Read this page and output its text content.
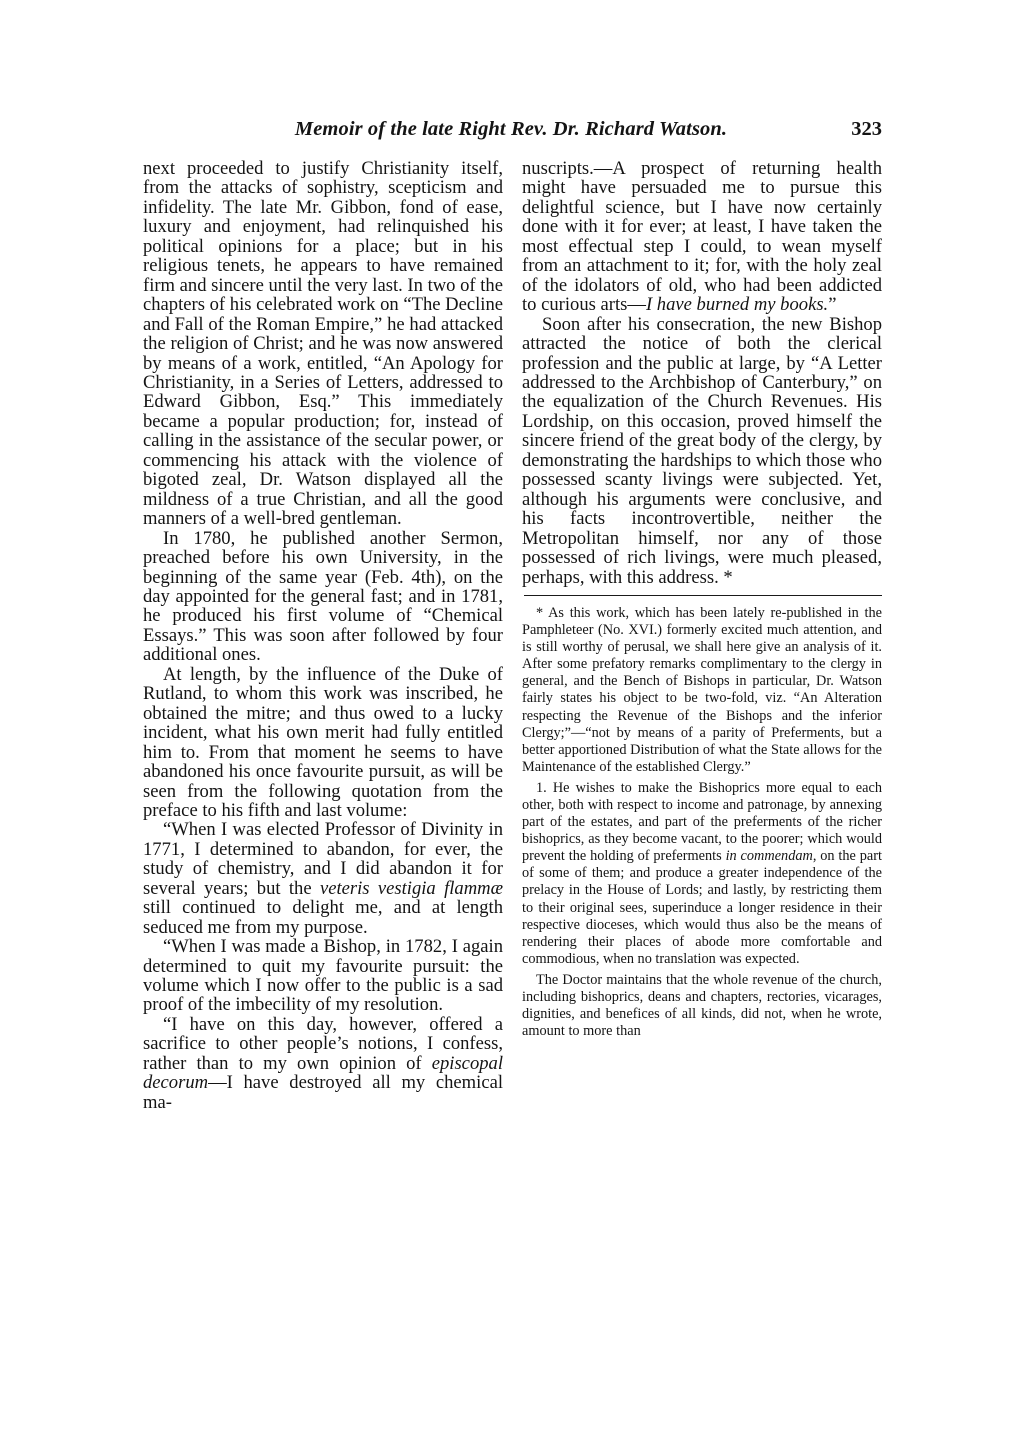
Memoir of the late Right Rev. Dr. Richard Watson.	323

next proceeded to justify Christianity itself, from the attacks of sophistry, scepticism and infidelity. The late Mr. Gibbon, fond of ease, luxury and enjoyment, had relinquished his political opinions for a place; but in his religious tenets, he appears to have remained firm and sincere until the very last. In two of the chapters of his celebrated work on “The Decline and Fall of the Roman Empire,” he had attacked the religion of Christ; and he was now answered by means of a work, entitled, “An Apology for Christianity, in a Series of Letters, addressed to Edward Gibbon, Esq.” This immediately became a popular production; for, instead of calling in the assistance of the secular power, or commencing his attack with the violence of bigoted zeal, Dr. Watson displayed all the mildness of a true Christian, and all the good manners of a well-bred gentleman.

In 1780, he published another Sermon, preached before his own University, in the beginning of the same year (Feb. 4th), on the day appointed for the general fast; and in 1781, he produced his first volume of “Chemical Essays.” This was soon after followed by four additional ones.

At length, by the influence of the Duke of Rutland, to whom this work was inscribed, he obtained the mitre; and thus owed to a lucky incident, what his own merit had fully entitled him to. From that moment he seems to have abandoned his once favourite pursuit, as will be seen from the following quotation from the preface to his fifth and last volume:

“When I was elected Professor of Divinity in 1771, I determined to abandon, for ever, the study of chemistry, and I did abandon it for several years; but the veteris vestigia flammæ still continued to delight me, and at length seduced me from my purpose.

“When I was made a Bishop, in 1782, I again determined to quit my favourite pursuit: the volume which I now offer to the public is a sad proof of the imbecility of my resolution.

“I have on this day, however, offered a sacrifice to other people’s notions, I confess, rather than to my own opinion of episcopal decorum—I have destroyed all my chemical ma-

nuscripts.—A prospect of returning health might have persuaded me to pursue this delightful science, but I have now certainly done with it for ever; at least, I have taken the most effectual step I could, to wean myself from an attachment to it; for, with the holy zeal of the idolators of old, who had been addicted to curious arts—I have burned my books.”

Soon after his consecration, the new Bishop attracted the notice of both the clerical profession and the public at large, by “A Letter addressed to the Archbishop of Canterbury,” on the equalization of the Church Revenues. His Lordship, on this occasion, proved himself the sincere friend of the great body of the clergy, by demonstrating the hardships to which those who possessed scanty livings were subjected. Yet, although his arguments were conclusive, and his facts incontrovertible, neither the Metropolitan himself, nor any of those possessed of rich livings, were much pleased, perhaps, with this address. *

* As this work, which has been lately re-published in the Pamphleteer (No. XVI.) formerly excited much attention, and is still worthy of perusal, we shall here give an analysis of it. After some prefatory remarks complimentary to the clergy in general, and the Bench of Bishops in particular, Dr. Watson fairly states his object to be two-fold, viz. “An Alteration respecting the Revenue of the Bishops and the inferior Clergy;”—“not by means of a parity of Preferments, but a better apportioned Distribution of what the State allows for the Maintenance of the established Clergy.”

1. He wishes to make the Bishoprics more equal to each other, both with respect to income and patronage, by annexing part of the estates, and part of the preferments of the richer bishoprics, as they become vacant, to the poorer; which would prevent the holding of preferments in commendam, on the part of some of them; and produce a greater independence of the prelacy in the House of Lords; and lastly, by restricting them to their original sees, superinduce a longer residence in their respective dioceses, which would thus also be the means of rendering their places of abode more comfortable and commodious, when no translation was expected.

The Doctor maintains that the whole revenue of the church, including bishoprics, deans and chapters, rectories, vicarages, dignities, and benefices of all kinds, did not, when he wrote, amount to more than
